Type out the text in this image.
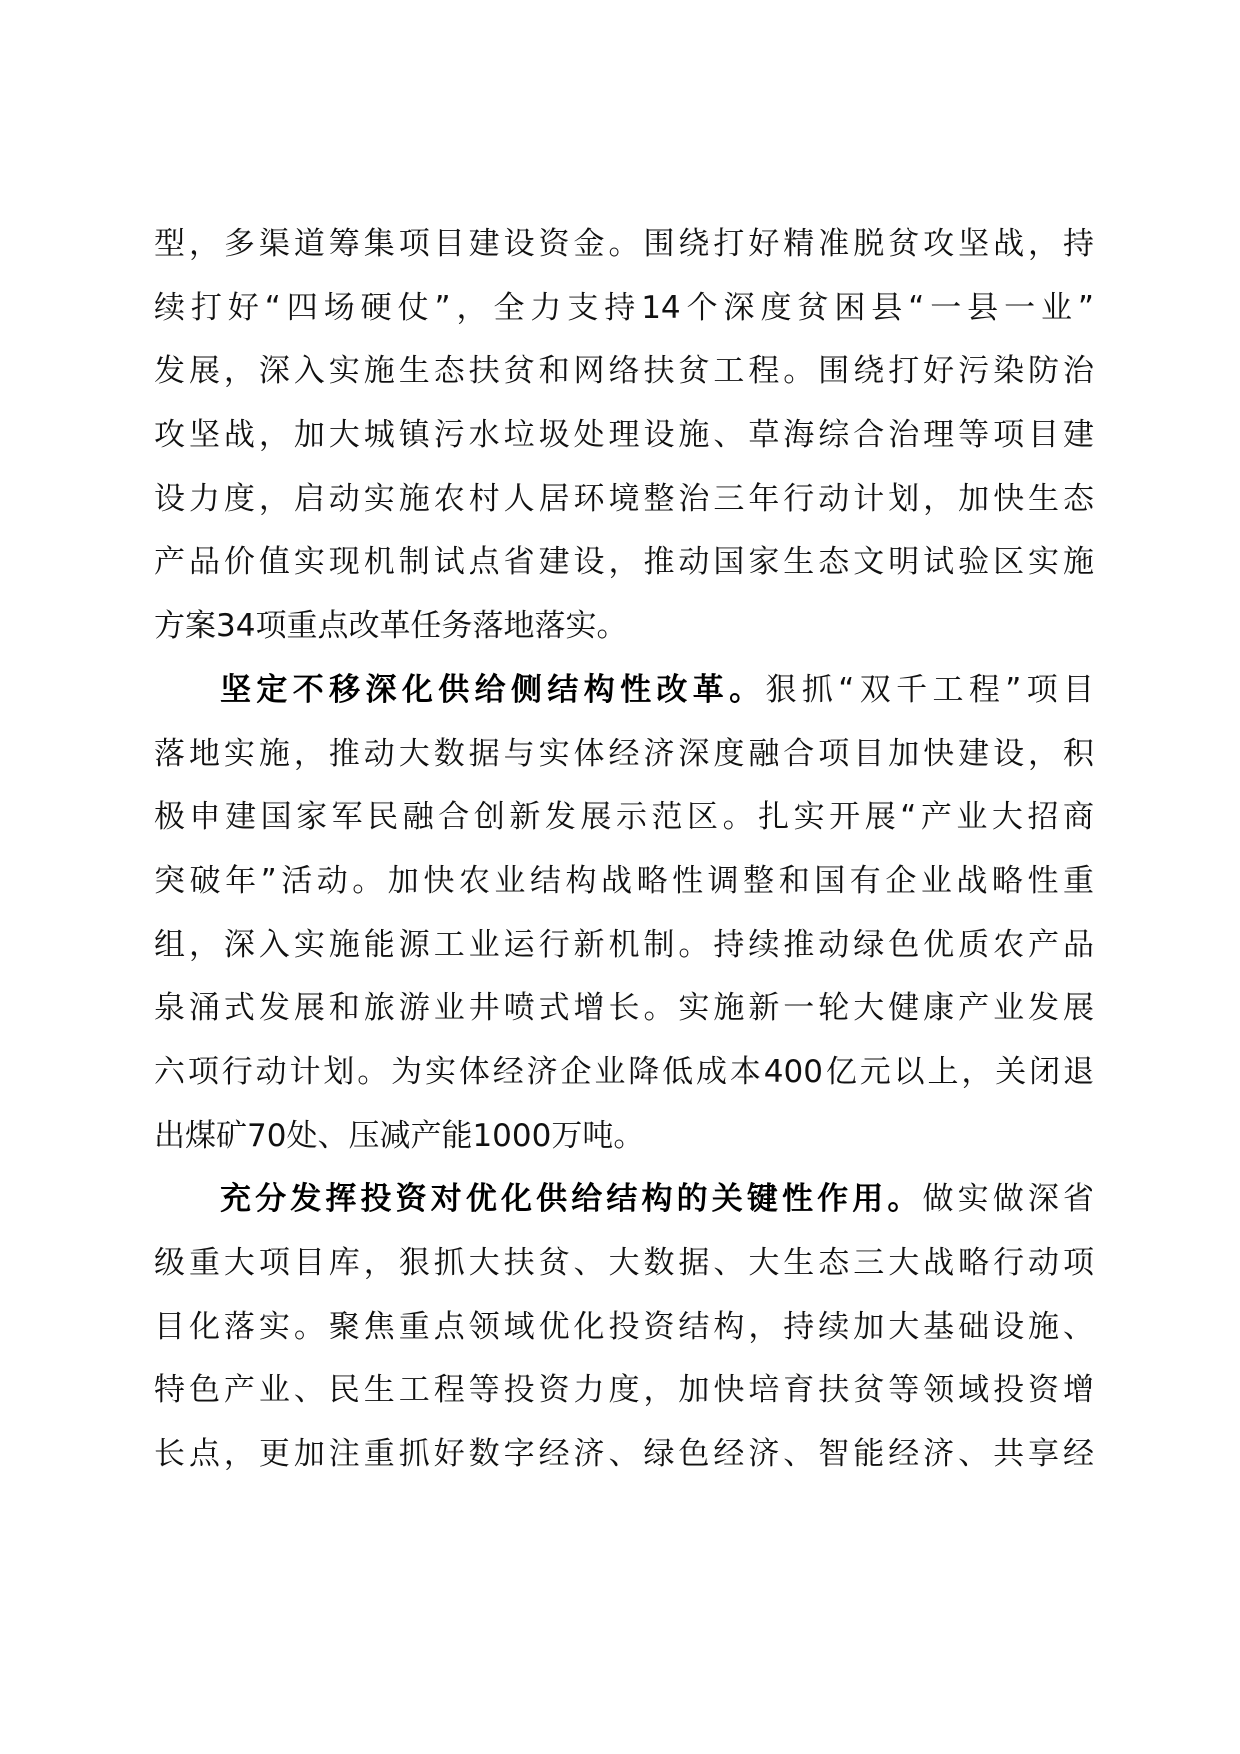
型，多渠道筹集项目建设资金。围绕打好精准脱贫攻坚战，持
续打好“四场硬仗”，全力支持14个深度贫困县“一县一业”
发展，深入实施生态扶贫和网络扶贫工程。围绕打好污染防治
攻坚战，加大城镇污水垃圾处理设施、草海综合治理等项目建
设力度，启动实施农村人居环境整治三年行动计划，加快生态
产品价值实现机制试点省建设，推动国家生态文明试验区实施
方案34项重点改革任务落地落实。
坚定不移深化供给侧结构性改革。狠抓“双千工程”项目
落地实施，推动大数据与实体经济深度融合项目加快建设，积
极申建国家军民融合创新发展示范区。扎实开展“产业大招商
突破年”活动。加快农业结构战略性调整和国有企业战略性重
组，深入实施能源工业运行新机制。持续推动绿色优质农产品
泉涌式发展和旅游业井喷式增长。实施新一轮大健康产业发展
六项行动计划。为实体经济企业降低成本400亿元以上，关闭退
出煤矿70处、压减产能1000万吨。
充分发挥投资对优化供给结构的关键性作用。做实做深省
级重大项目库，狠抓大扶贫、大数据、大生态三大战略行动项
目化落实。聚焦重点领域优化投资结构，持续加大基础设施、
特色产业、民生工程等投资力度，加快培育扶贫等领域投资增
长点，更加注重抓好数字经济、绿色经济、智能经济、共享经
